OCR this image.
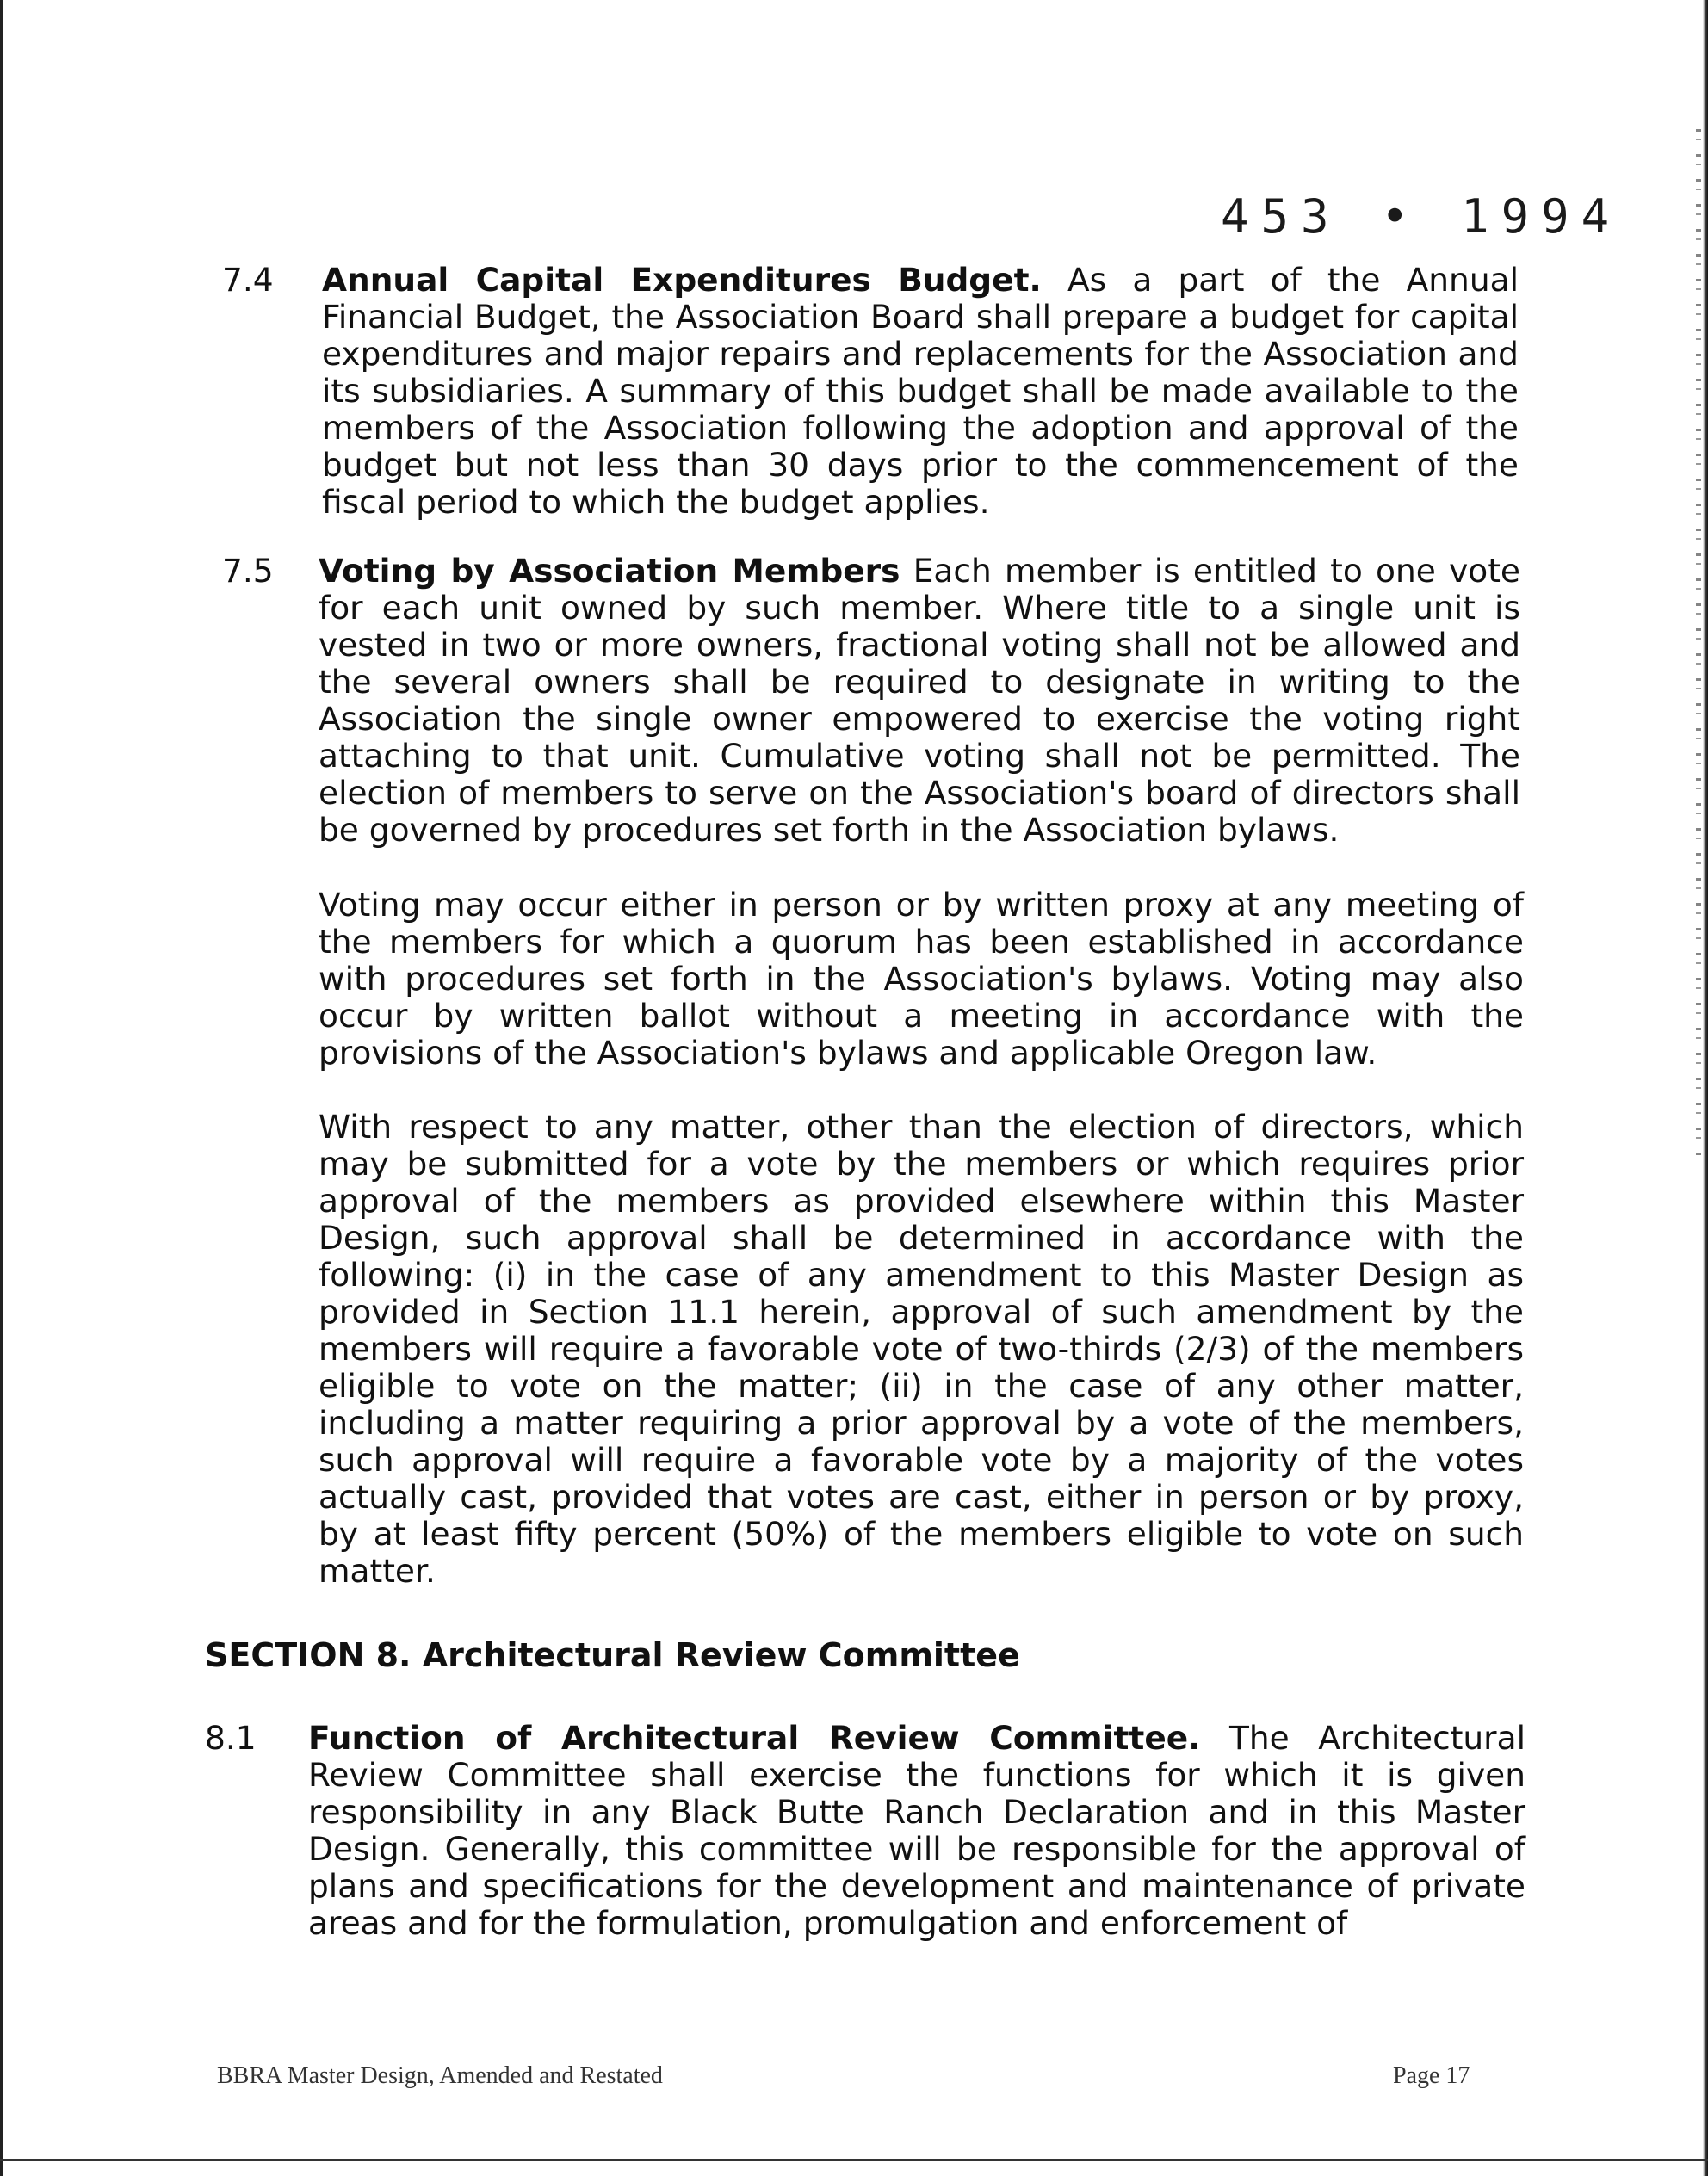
453 • 1994
7.4 Annual Capital Expenditures Budget. As a part of the Annual Financial Budget, the Association Board shall prepare a budget for capital expenditures and major repairs and replacements for the Association and its subsidiaries. A summary of this budget shall be made available to the members of the Association following the adoption and approval of the budget but not less than 30 days prior to the commencement of the fiscal period to which the budget applies.

7.5 Voting by Association Members Each member is entitled to one vote for each unit owned by such member. Where title to a single unit is vested in two or more owners, fractional voting shall not be allowed and the several owners shall be required to designate in writing to the Association the single owner empowered to exercise the voting right attaching to that unit. Cumulative voting shall not be permitted. The election of members to serve on the Association's board of directors shall be governed by procedures set forth in the Association bylaws.

Voting may occur either in person or by written proxy at any meeting of the members for which a quorum has been established in accordance with procedures set forth in the Association's bylaws. Voting may also occur by written ballot without a meeting in accordance with the provisions of the Association's bylaws and applicable Oregon law.

With respect to any matter, other than the election of directors, which may be submitted for a vote by the members or which requires prior approval of the members as provided elsewhere within this Master Design, such approval shall be determined in accordance with the following: (i) in the case of any amendment to this Master Design as provided in Section 11.1 herein, approval of such amendment by the members will require a favorable vote of two-thirds (2/3) of the members eligible to vote on the matter; (ii) in the case of any other matter, including a matter requiring a prior approval by a vote of the members, such approval will require a favorable vote by a majority of the votes actually cast, provided that votes are cast, either in person or by proxy, by at least fifty percent (50%) of the members eligible to vote on such matter.

SECTION 8. Architectural Review Committee
8.1 Function of Architectural Review Committee. The Architectural Review Committee shall exercise the functions for which it is given responsibility in any Black Butte Ranch Declaration and in this Master Design. Generally, this committee will be responsible for the approval of plans and specifications for the development and maintenance of private areas and for the formulation, promulgation and enforcement of

BBRA Master Design, Amended and Restated	Page 17
